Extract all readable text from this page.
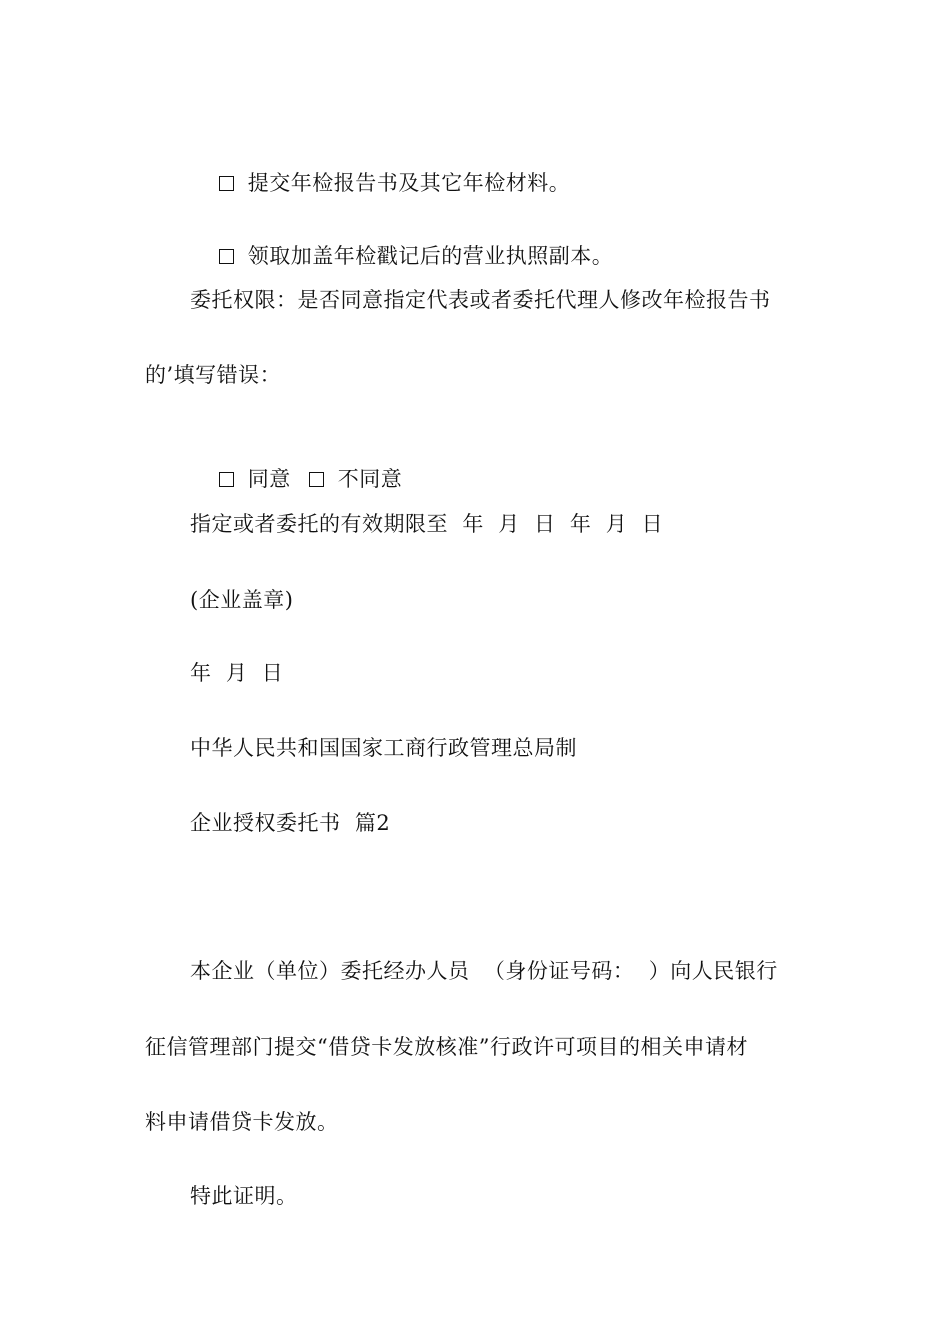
提交年检报告书及其它年检材料。

领取加盖年检戳记后的营业执照副本。

委托权限：是否同意指定代表或者委托代理人修改年检报告书
的’填写错误：

同意 不同意

指定或者委托的有效期限至  年  月  日  年  月  日
(企业盖章)
年  月  日
中华人民共和国国家工商行政管理总局制
企业授权委托书  篇2
本企业（单位）委托经办人员  （身份证号码：  ）向人民银行
征信管理部门提交“借贷卡发放核准”行政许可项目的相关申请材
料申请借贷卡发放。
特此证明。
